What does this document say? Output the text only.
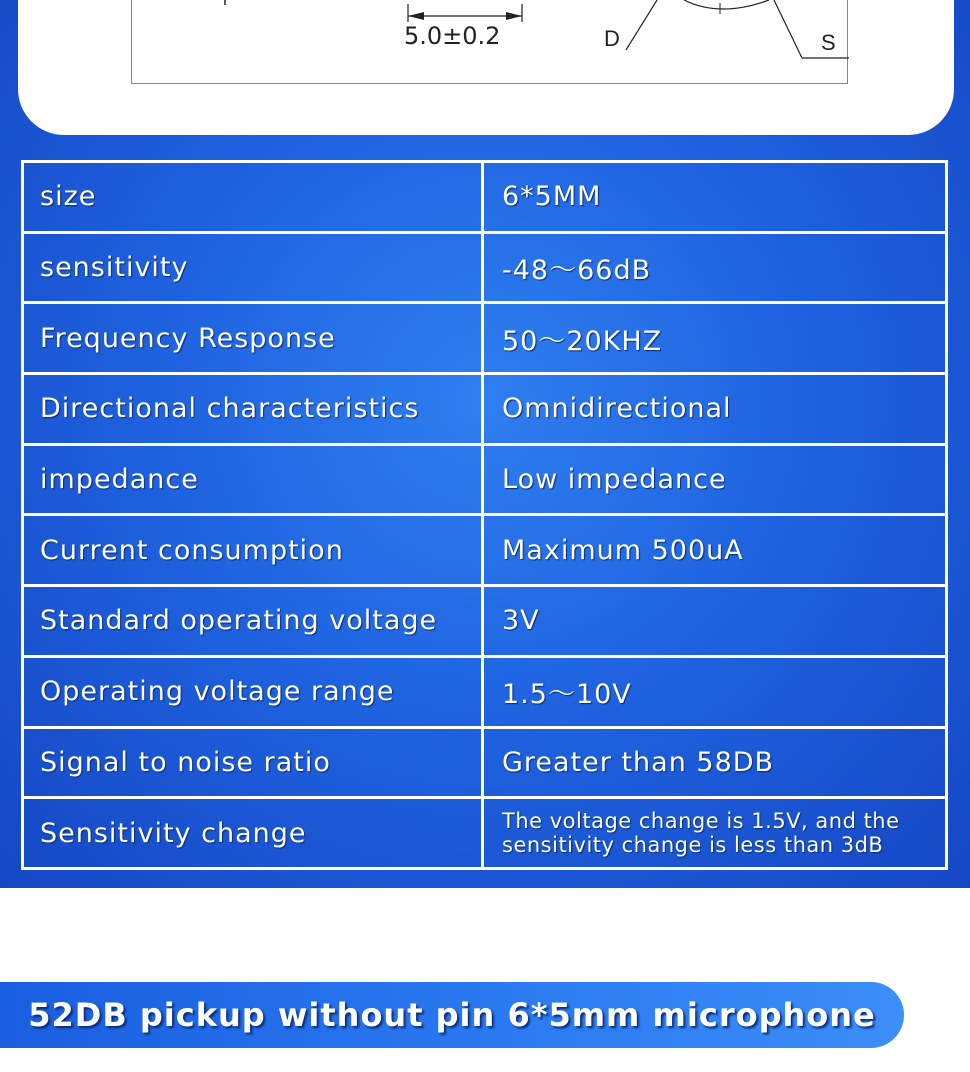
5.0±0.2	D	S
size	6*5MM
sensitivity	-48～66dB
Frequency Response	50～20KHZ
Directional characteristics	Omnidirectional
impedance	Low impedance
Current consumption	Maximum 500uA
Standard operating voltage	3V
Operating voltage range	1.5～10V
Signal to noise ratio	Greater than 58DB
Sensitivity change	The voltage change is 1.5V, and the sensitivity change is less than 3dB
52DB pickup without pin 6*5mm microphone
